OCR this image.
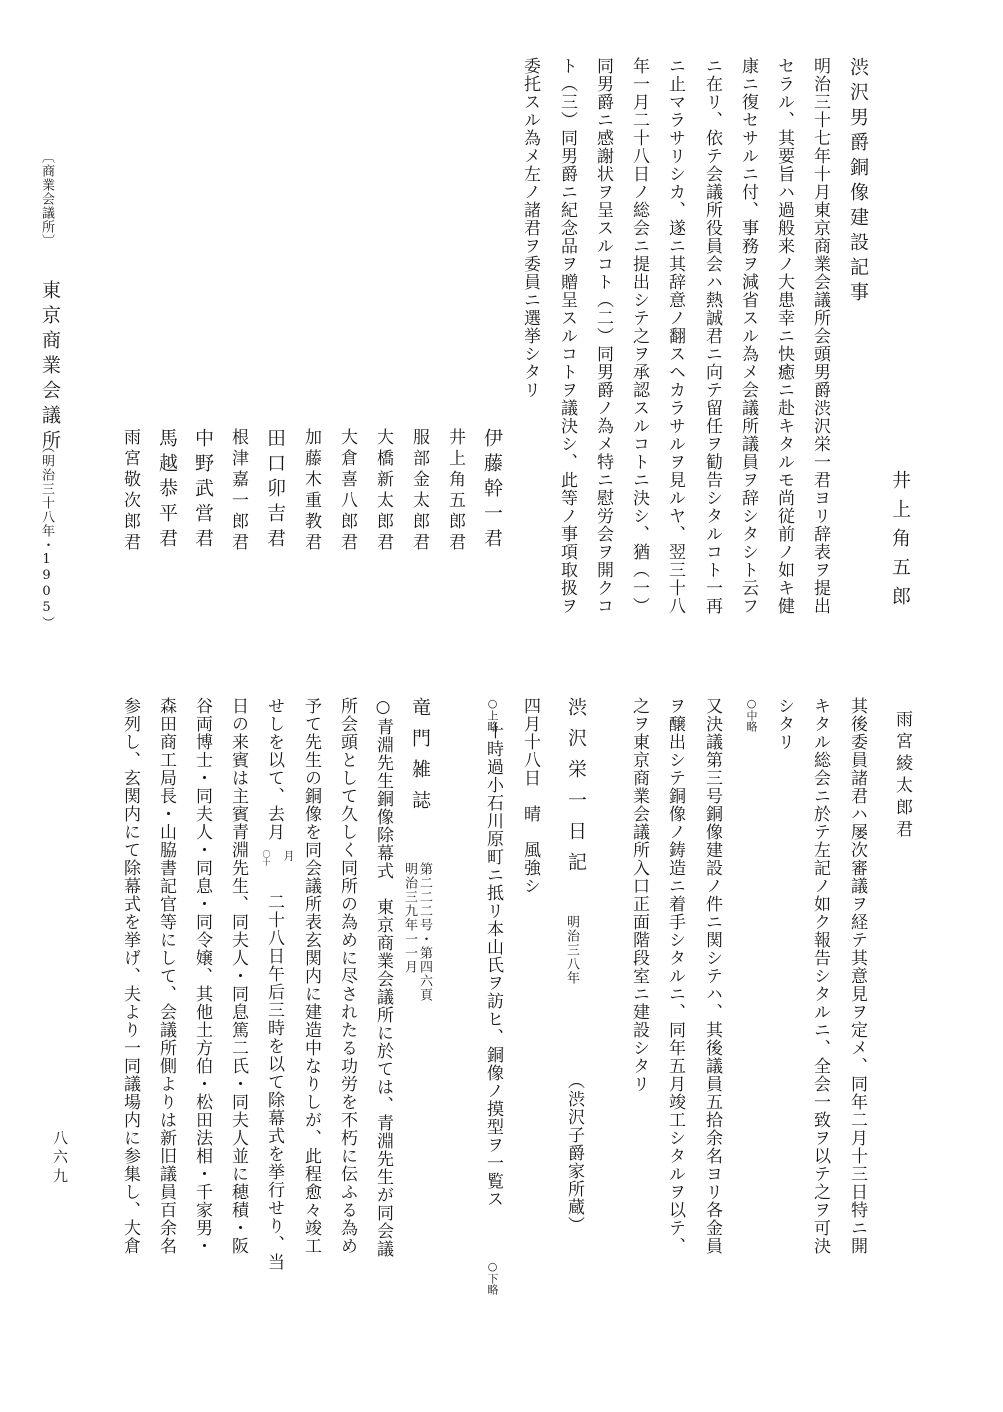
渋沢男爵銅像建設記事
井上角五郎
明治三十七年十月東京商業会議所会頭男爵渋沢栄一君ヨリ辞表ヲ提出
セラル、其要旨ハ過般来ノ大患幸ニ快癒ニ赴キタルモ尚従前ノ如キ健
康ニ復セサルニ付、事務ヲ減省スル為メ会議所議員ヲ辞シタシト云フ
ニ在リ、依テ会議所役員会ハ熱誠君ニ向テ留任ヲ勧告シタルコト一再
ニ止マラサリシカ、遂ニ其辞意ノ翻スヘカラサルヲ見ルヤ、翌三十八
年一月二十八日ノ総会ニ提出シテ之ヲ承認スルコトニ決シ、猶（一）
同男爵ニ感謝状ヲ呈スルコト（二）同男爵ノ為メ特ニ慰労会ヲ開クコ
ト（三）同男爵ニ紀念品ヲ贈呈スルコトヲ議決シ、此等ノ事項取扱ヲ
委托スル為メ左ノ諸君ヲ委員ニ選挙シタリ
伊藤幹一君
井上角五郎君
服部金太郎君
大橋新太郎君
大倉喜八郎君
加藤木重教君
田口卯吉君
根津嘉一郎君
中野武営君
馬越恭平君
雨宮敬次郎君
〔商業会議所〕
東京商業会議所
（明治三十八年・1905）
雨宮綾太郎君
其後委員諸君ハ屡次審議ヲ経テ其意見ヲ定メ、同年二月十三日特ニ開
キタル総会ニ於テ左記ノ如ク報告シタルニ、全会一致ヲ以テ之ヲ可決
シタリ
○中略
又決議第三号銅像建設ノ件ニ関シテハ、其後議員五拾余名ヨリ各金員
ヲ醸出シテ銅像ノ鋳造ニ着手シタルニ、同年五月竣工シタルヲ以テ、
之ヲ東京商業会議所入口正面階段室ニ建設シタリ
渋沢栄一日記
明治三八年
（渋沢子爵家所蔵）
四月十八日　晴　風強シ
○上略
十時過小石川原町ニ抵リ本山氏ヲ訪ヒ、銅像ノ摸型ヲ一覧ス
○下略
竜門雑誌
第二二二号・第四六頁
明治三九年一一月
○青淵先生銅像除幕式　東京商業会議所に於ては、青淵先生が同会議
所会頭として久しく同所の為めに尽されたる功労を不朽に伝ふる為め
予て先生の銅像を同会議所表玄関内に建造中なりしが、此程愈々竣工
せしを以て、去月
〇十 月
二十八日午后三時を以て除幕式を挙行せり、当
日の来賓は主賓青淵先生、同夫人・同息篤二氏・同夫人並に穂積・阪
谷両博士・同夫人・同息・同令嬢、其他土方伯・松田法相・千家男・
森田商工局長・山脇書記官等にして、会議所側よりは新旧議員百余名
参列し、玄関内にて除幕式を挙げ、夫より一同議場内に参集し、大倉
八六九
